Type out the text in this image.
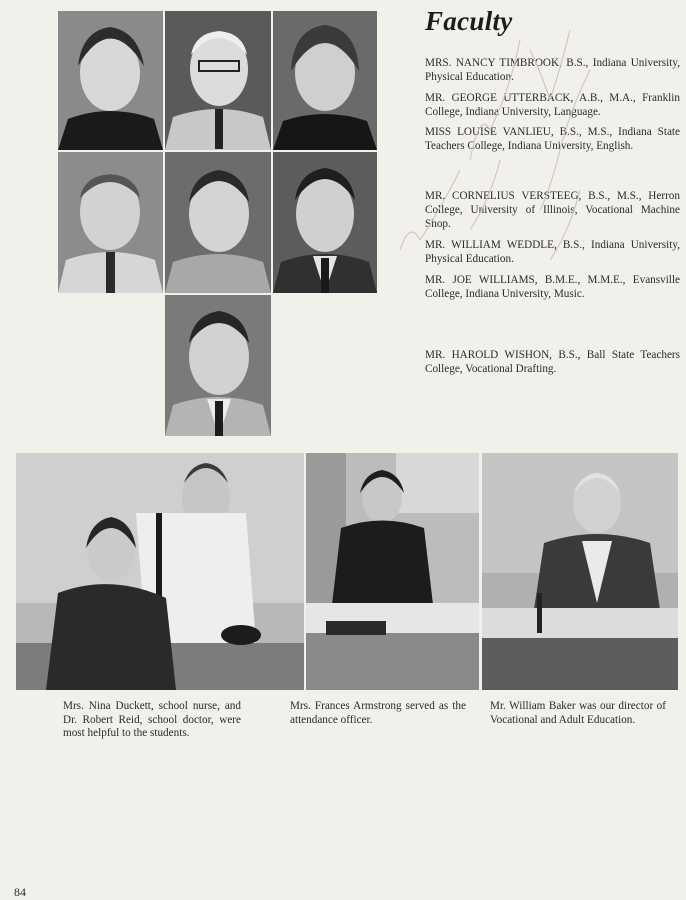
Faculty
MRS. NANCY TIMBROOK, B.S., Indiana University, Physical Education.
MR. GEORGE UTTERBACK, A.B., M.A., Franklin College, Indiana University, Language.
MISS LOUISE VANLIEU, B.S., M.S., Indiana State Teachers College, Indiana University, English.
MR. CORNELIUS VERSTEEG, B.S., M.S., Herron College, University of Illinois, Vocational Machine Shop.
MR. WILLIAM WEDDLE, B.S., Indiana University, Physical Education.
MR. JOE WILLIAMS, B.M.E., M.M.E., Evansville College, Indiana University, Music.
MR. HAROLD WISHON, B.S., Ball State Teachers College, Vocational Drafting.
Mrs. Nina Duckett, school nurse, and Dr. Robert Reid, school doctor, were most helpful to the students.
Mrs. Frances Armstrong served as the attendance officer.
Mr. William Baker was our director of Vocational and Adult Education.
84
